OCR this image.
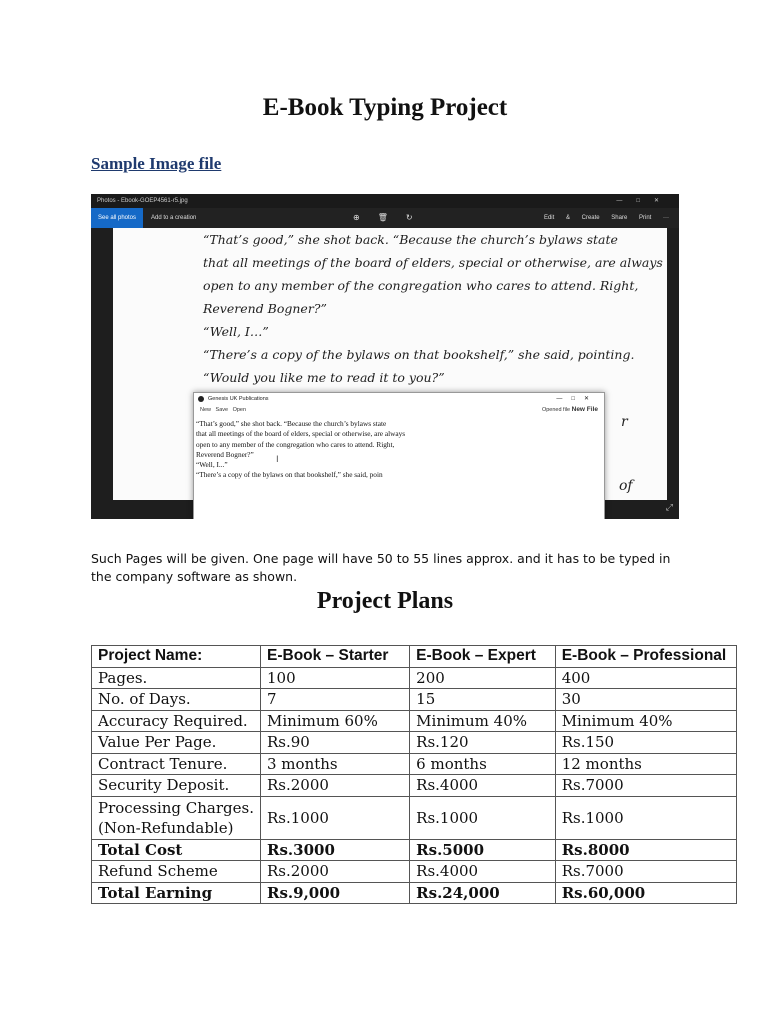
E-Book Typing Project
Sample Image file
Photos - Ebook-GOEP4561-r5.jpg	—□✕
See all photos	Add to a creation	⊕🗑↻	Edit & Create Share Print ···
“That’s good,” she shot back. “Because the church’s bylaws state
that all meetings of the board of elders, special or otherwise, are always
open to any member of the congregation who cares to attend. Right,
Reverend Bogner?”
“Well, I…”
“There’s a copy of the bylaws on that bookshelf,” she said, pointing.
“Would you like me to read it to you?”
r
of
⤢
Genesis UK Publications	—□✕
New Save Open	Opened file New File
“That’s good,” she shot back. “Because the church’s bylaws state
that all meetings of the board of elders, special or otherwise, are always
open to any member of the congregation who cares to attend. Right,
Reverend Bogner?”
“Well, I...”
“There’s a copy of the bylaws on that bookshelf,” she said, poin
I
Such Pages will be given. One page will have 50 to 55 lines approx. and it has to be typed in the company software as shown.
Project Plans
Project Name:	E-Book – Starter	E-Book – Expert	E-Book – Professional
Pages.	100	200	400
No. of Days.	7	15	30
Accuracy Required.	Minimum 60%	Minimum 40%	Minimum 40%
Value Per Page.	Rs.90	Rs.120	Rs.150
Contract Tenure.	3 months	6 months	12 months
Security Deposit.	Rs.2000	Rs.4000	Rs.7000
Processing Charges.
(Non-Refundable)	Rs.1000	Rs.1000	Rs.1000
Total Cost	Rs.3000	Rs.5000	Rs.8000
Refund Scheme	Rs.2000	Rs.4000	Rs.7000
Total Earning	Rs.9,000	Rs.24,000	Rs.60,000
